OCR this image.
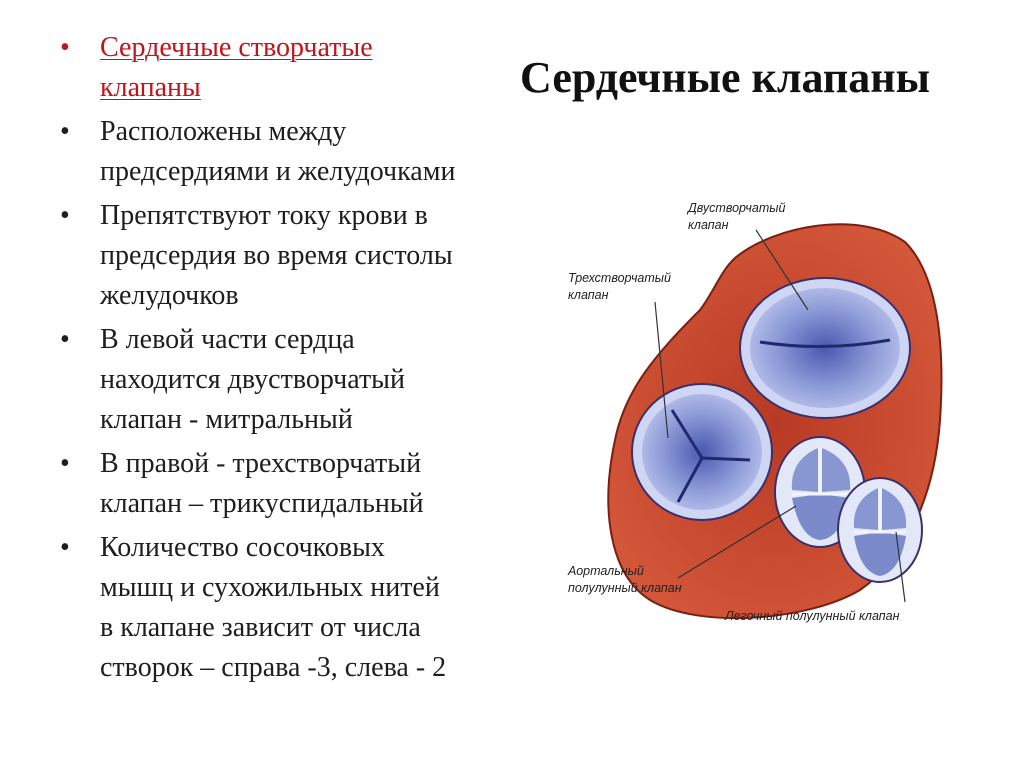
Сердечные клапаны
• Сердечные створчатые
клапаны
• Расположены между
предсердиями и желудочками
• Препятствуют току крови в
предсердия во время систолы
желудочков
• В левой части сердца
находится двустворчатый
клапан - митральный
• В правой - трехстворчатый
клапан – трикуспидальный
• Количество сосочковых
мышц и сухожильных нитей
в клапане зависит от числа
створок – справа -3, слева - 2
Двустворчатый клапан
Трехстворчатый клапан
Аортальный полулунный клапан
Легочный полулунный клапан
